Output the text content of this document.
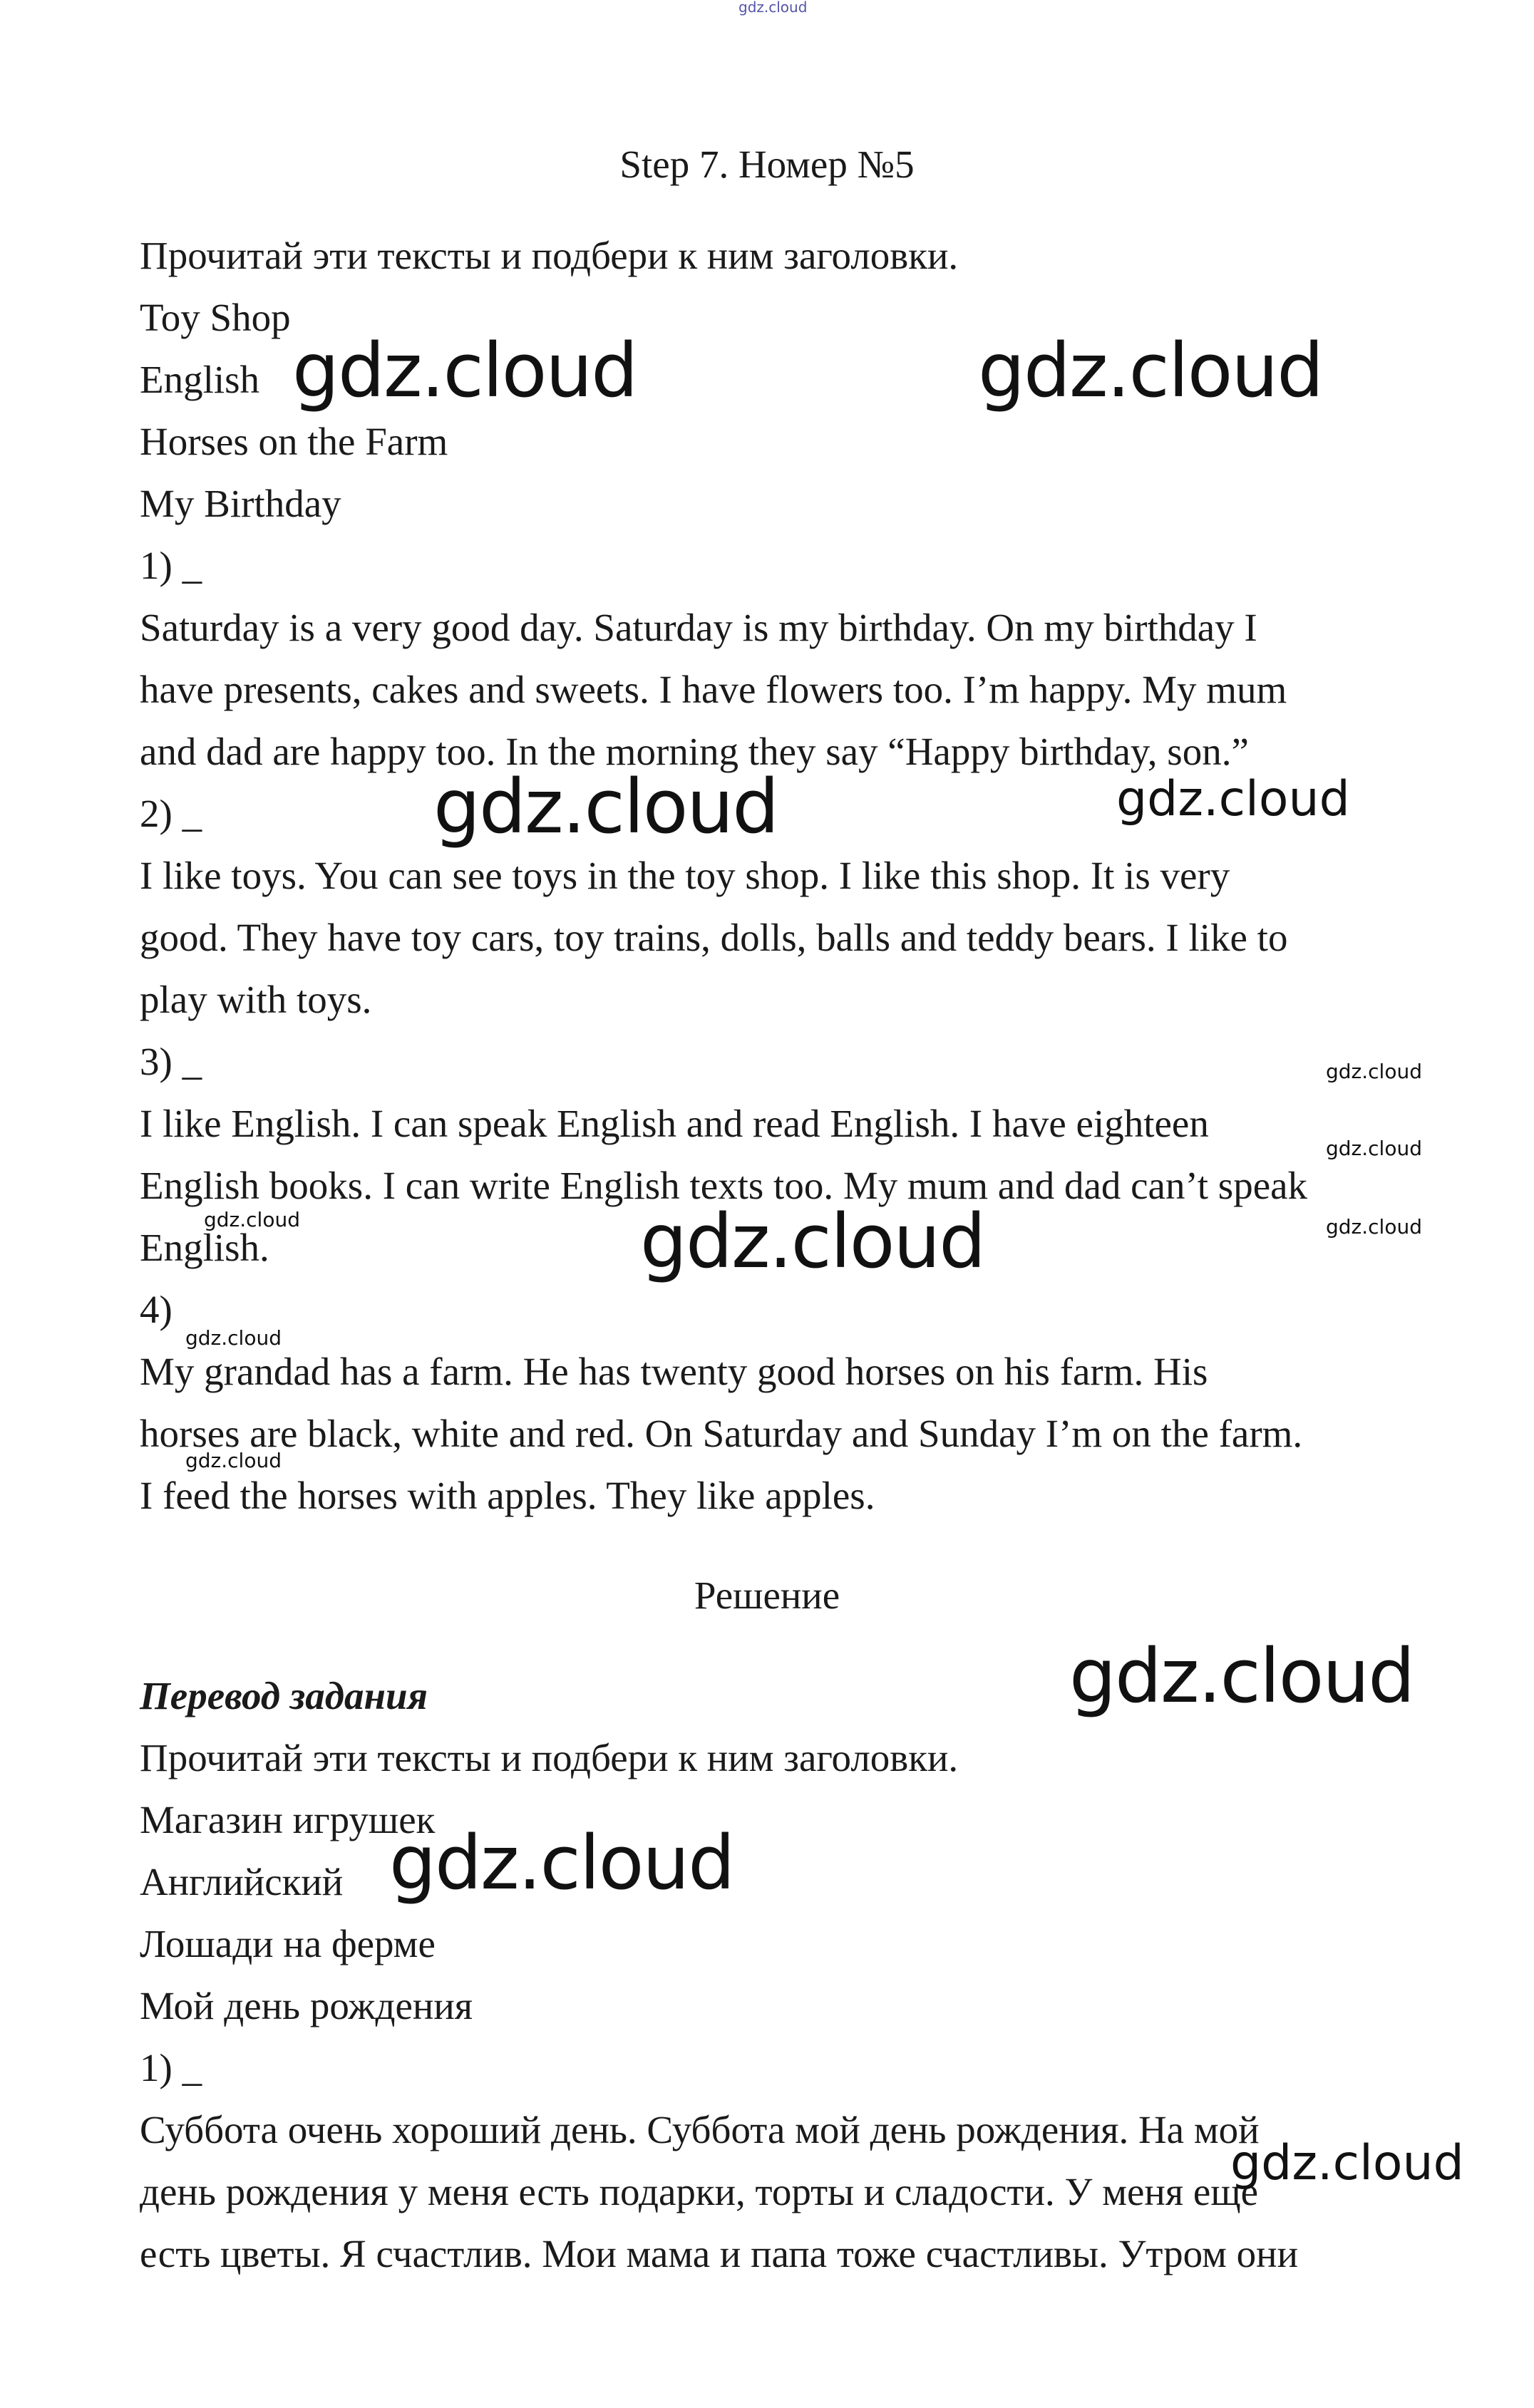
gdz.cloud
Step 7. Номер №5
Прочитай эти тексты и подбери к ним заголовки.
Toy Shop
English
Horses on the Farm
My Birthday
1) _
Saturday is a very good day. Saturday is my birthday. On my birthday I
have presents, cakes and sweets. I have flowers too. I’m happy. My mum
and dad are happy too. In the morning they say “Happy birthday, son.”
2) _
I like toys. You can see toys in the toy shop. I like this shop. It is very
good. They have toy cars, toy trains, dolls, balls and teddy bears. I like to
play with toys.
3) _
I like English. I can speak English and read English. I have eighteen
English books. I can write English texts too. My mum and dad can’t speak
English.
4)
My grandad has a farm. He has twenty good horses on his farm. His
horses are black, white and red. On Saturday and Sunday I’m on the farm.
I feed the horses with apples. They like apples.
Решение
Перевод задания
Прочитай эти тексты и подбери к ним заголовки.
Магазин игрушек
Английский
Лошади на ферме
Мой день рождения
1) _
Суббота очень хороший день. Суббота мой день рождения. На мой
день рождения у меня есть подарки, торты и сладости. У меня еще
есть цветы. Я счастлив. Мои мама и папа тоже счастливы. Утром они
gdz.cloud	gdz.cloud
gdz.cloud	gdz.cloud
gdz.cloud
gdz.cloud
gdz.cloud
gdz.cloud	gdz.cloud
gdz.cloud
gdz.cloud
gdz.cloud
gdz.cloud
gdz.cloud
